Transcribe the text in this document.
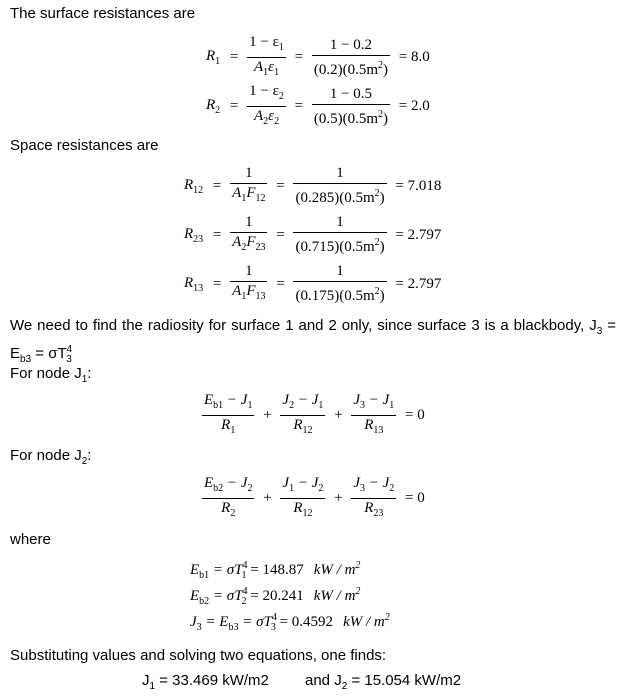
The surface resistances are
$R_1 = \frac{1 - \varepsilon_1}{A_1\varepsilon_1} = \frac{1 - 0.2}{(0.2)(0.5m^2)} = 8.0$
$R_2 = \frac{1 - \varepsilon_2}{A_2\varepsilon_2} = \frac{1 - 0.5}{(0.5)(0.5m^2)} = 2.0$
Space resistances are
$R_{12} = \frac{1}{A_1F_{12}} = \frac{1}{(0.285)(0.5m^2)} = 7.018$
$R_{23} = \frac{1}{A_2F_{23}} = \frac{1}{(0.715)(0.5m^2)} = 2.797$
$R_{13} = \frac{1}{A_1F_{13}} = \frac{1}{(0.175)(0.5m^2)} = 2.797$
We need to find the radiosity for surface 1 and 2 only, since surface 3 is a blackbody, $J_3 = E_{b3} = \sigma T^4_3$
For node $J_1$:
$\frac{E_{b1} - J_1}{R_1} + \frac{J_2 - J_1}{R_{12}} + \frac{J_3 - J_1}{R_{13}} = 0$
For node $J_2$:
$\frac{E_{b2} - J_2}{R_2} + \frac{J_1 - J_2}{R_{12}} + \frac{J_3 - J_2}{R_{23}} = 0$
where
$E_{b1} = \sigma T^4_1 = 148.87$ kW / $m^2$
$E_{b2} = \sigma T^4_2 = 20.241$ kW / $m^2$
$J_3 = E_{b3} = \sigma T^4_3 = 0.4592$ kW / $m^2$
Substituting values and solving two equations, one finds:
$J_1 = 33.469$ kW/m2 and $J_2 = 15.054$ kW/m2
